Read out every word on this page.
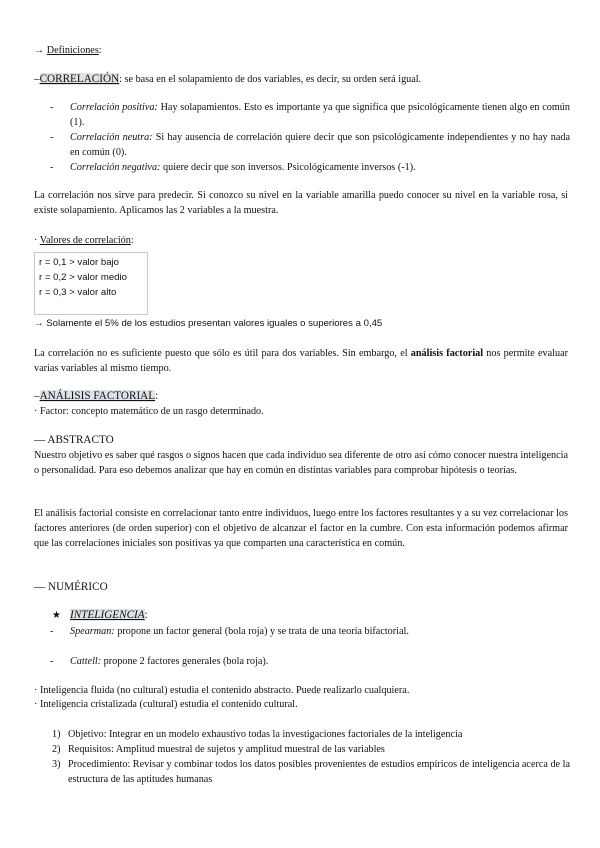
→ Definiciones:
–CORRELACIÓN: se basa en el solapamiento de dos variables, es decir, su orden será igual.
- Correlación positiva: Hay solapamientos. Esto es importante ya que significa que psicológicamente tienen algo en común (1).
- Correlación neutra: Si hay ausencia de correlación quiere decir que son psicológicamente independientes y no hay nada en común (0).
- Correlación negativa: quiere decir que son inversos. Psicológicamente inversos (-1).
La correlación nos sirve para predecir. Si conozco su nivel en la variable amarilla puedo conocer su nivel en la variable rosa, si existe solapamiento. Aplicamos las 2 variables a la muestra.
· Valores de correlación:
r = 0,1 > valor bajo
r = 0,2 > valor medio
r = 0,3 > valor alto
→ Solamente el 5% de los estudios presentan valores iguales o superiores a 0,45
La correlación no es suficiente puesto que sólo es útil para dos variables. Sin embargo, el análisis factorial nos permite evaluar varias variables al mismo tiempo.
–ANÁLISIS FACTORIAL:
· Factor: concepto matemático de un rasgo determinado.
— ABSTRACTO
Nuestro objetivo es saber qué rasgos o signos hacen que cada individuo sea diferente de otro así cómo conocer nuestra inteligencia o personalidad. Para eso debemos analizar que hay en común en distintas variables para comprobar hipótesis o teorías.
El análisis factorial consiste en correlacionar tanto entre individuos, luego entre los factores resultantes y a su vez correlacionar los factores anteriores (de orden superior) con el objetivo de alcanzar el factor en la cumbre. Con esta información podemos afirmar que las correlaciones iniciales son positivas ya que comparten una característica en común.
— NUMÉRICO
★ INTELIGENCIA:
- Spearman: propone un factor general (bola roja) y se trata de una teoría bifactorial.
- Cattell: propone 2 factores generales (bola roja).
· Inteligencia fluida (no cultural) estudia el contenido abstracto. Puede realizarlo cualquiera.
· Inteligencia cristalizada (cultural) estudia el contenido cultural.
1) Objetivo: Integrar en un modelo exhaustivo todas la investigaciones factoriales de la inteligencia
2) Requisitos: Amplitud muestral de sujetos y amplitud muestral de las variables
3) Procedimiento: Revisar y combinar todos los datos posibles provenientes de estudios empíricos de inteligencia acerca de la estructura de las aptitudes humanas
